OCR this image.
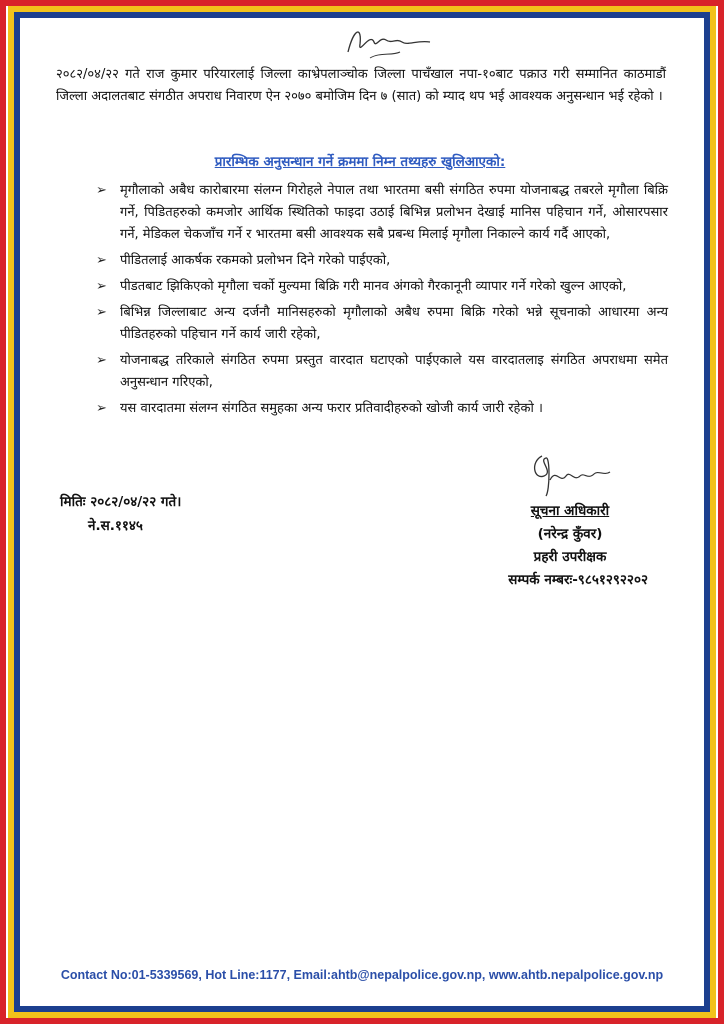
२०८२/०४/२२ गते राज कुमार परियारलाई जिल्ला काभ्रेपलाञ्चोक जिल्ला पाचँखाल नपा-१०बाट पक्राउ गरी सम्मानित काठमाडौं जिल्ला अदालतबाट संगठीत अपराध निवारण ऐन २०७० बमोजिम दिन ७ (सात) को म्याद थप भई आवश्यक अनुसन्धान भई रहेको ।

प्रारम्भिक अनुसन्धान गर्ने क्रममा निम्न तथ्यहरु खुलिआएको:

➢	मृगौलाको अबैध कारोबारमा संलग्न गिरोहले नेपाल तथा भारतमा बसी संगठित रुपमा योजनाबद्ध तबरले मृगौला बिक्रि गर्ने, पिडितहरुको कमजोर आर्थिक स्थितिको फाइदा उठाई बिभिन्न प्रलोभन देखाई मानिस पहिचान गर्ने, ओसारपसार गर्ने, मेडिकल चेकजाँच गर्ने र भारतमा बसी आवश्यक सबै प्रबन्ध मिलाई मृगौला निकाल्ने कार्य गर्दै आएको,
➢	पीडितलाई आकर्षक रकमको प्रलोभन दिने गरेको पाईएको,
➢	पीडतबाट झिकिएको मृगौला चर्को मुल्यमा बिक्रि गरी मानव अंगको गैरकानूनी व्यापार गर्ने गरेको खुल्न आएको,
➢	बिभिन्न जिल्लाबाट अन्य दर्जनौ मानिसहरुको मृगौलाको अबैध रुपमा बिक्रि गरेको भन्ने सूचनाको आधारमा अन्य पीडितहरुको पहिचान गर्ने कार्य जारी रहेको,
➢	योजनाबद्ध तरिकाले संगठित रुपमा प्रस्तुत वारदात घटाएको पाईएकाले यस वारदातलाइ संगठित अपराधमा समेत अनुसन्धान गरिएको,
➢	यस वारदातमा संलग्न संगठित समुहका अन्य फरार प्रतिवादीहरुको खोजी कार्य जारी रहेको ।
मितिः २०८२/०४/२२ गते।
ने.स.११४५
सूचना अधिकारी
(नरेन्द्र कुँवर)
प्रहरी उपरीक्षक
सम्पर्क नम्बरः-९८५१२९२२०२
Contact No:01-5339569, Hot Line:1177, Email:ahtb@nepalpolice.gov.np, www.ahtb.nepalpolice.gov.np
